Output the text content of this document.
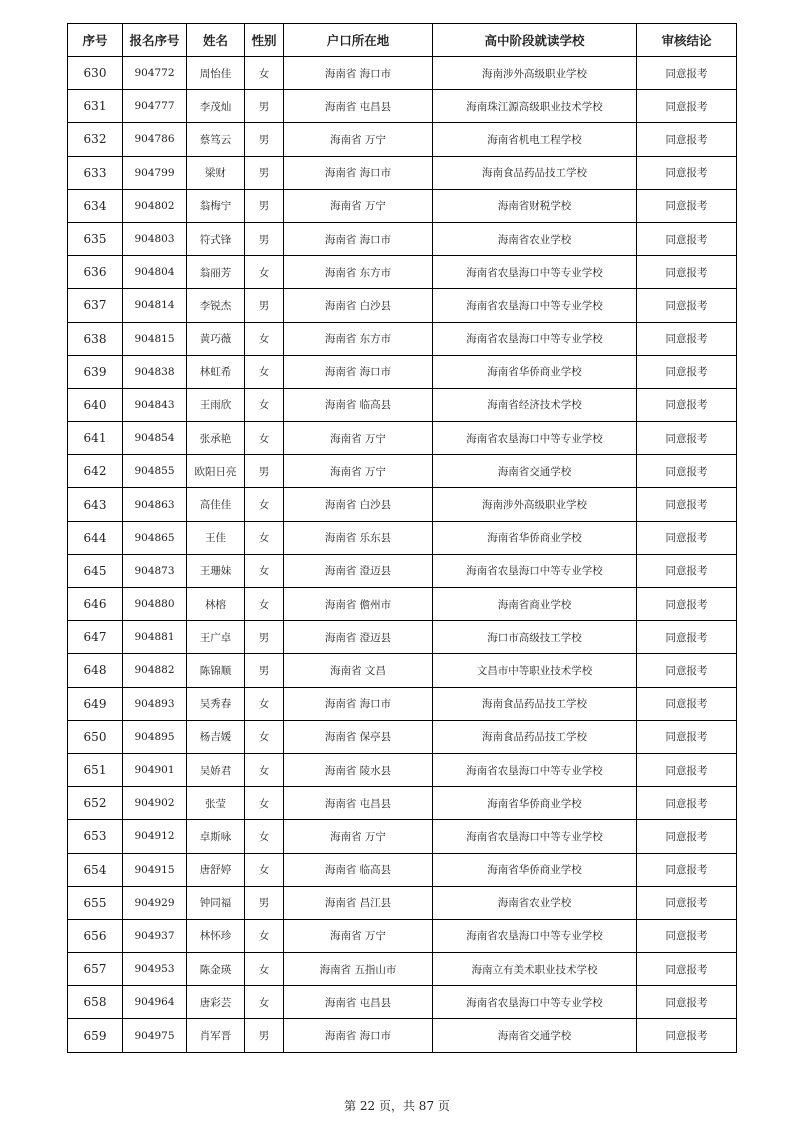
序号	报名序号	姓名	性别	户口所在地	高中阶段就读学校	审核结论
630	904772	周怡佳	女	海南省 海口市	海南涉外高级职业学校	同意报考
631	904777	李茂灿	男	海南省 屯昌县	海南珠江源高级职业技术学校	同意报考
632	904786	蔡笃云	男	海南省 万宁	海南省机电工程学校	同意报考
633	904799	梁财	男	海南省 海口市	海南食品药品技工学校	同意报考
634	904802	翁梅宁	男	海南省 万宁	海南省财税学校	同意报考
635	904803	符式锋	男	海南省 海口市	海南省农业学校	同意报考
636	904804	翁丽芳	女	海南省 东方市	海南省农垦海口中等专业学校	同意报考
637	904814	李锐杰	男	海南省 白沙县	海南省农垦海口中等专业学校	同意报考
638	904815	黄巧薇	女	海南省 东方市	海南省农垦海口中等专业学校	同意报考
639	904838	林虹希	女	海南省 海口市	海南省华侨商业学校	同意报考
640	904843	王雨欣	女	海南省 临高县	海南省经济技术学校	同意报考
641	904854	张承艳	女	海南省 万宁	海南省农垦海口中等专业学校	同意报考
642	904855	欧阳日亮	男	海南省 万宁	海南省交通学校	同意报考
643	904863	高佳佳	女	海南省 白沙县	海南涉外高级职业学校	同意报考
644	904865	王佳	女	海南省 乐东县	海南省华侨商业学校	同意报考
645	904873	王珊妹	女	海南省 澄迈县	海南省农垦海口中等专业学校	同意报考
646	904880	林榕	女	海南省 儋州市	海南省商业学校	同意报考
647	904881	王广卓	男	海南省 澄迈县	海口市高级技工学校	同意报考
648	904882	陈锦顺	男	海南省 文昌	文昌市中等职业技术学校	同意报考
649	904893	吴秀春	女	海南省 海口市	海南食品药品技工学校	同意报考
650	904895	杨吉媛	女	海南省 保亭县	海南食品药品技工学校	同意报考
651	904901	吴娇君	女	海南省 陵水县	海南省农垦海口中等专业学校	同意报考
652	904902	张莹	女	海南省 屯昌县	海南省华侨商业学校	同意报考
653	904912	卓斯咏	女	海南省 万宁	海南省农垦海口中等专业学校	同意报考
654	904915	唐舒婷	女	海南省 临高县	海南省华侨商业学校	同意报考
655	904929	钟同福	男	海南省 昌江县	海南省农业学校	同意报考
656	904937	林怀珍	女	海南省 万宁	海南省农垦海口中等专业学校	同意报考
657	904953	陈金瑛	女	海南省 五指山市	海南立有美术职业技术学校	同意报考
658	904964	唐彩芸	女	海南省 屯昌县	海南省农垦海口中等专业学校	同意报考
659	904975	肖军晋	男	海南省 海口市	海南省交通学校	同意报考
第 22 页，共 87 页
